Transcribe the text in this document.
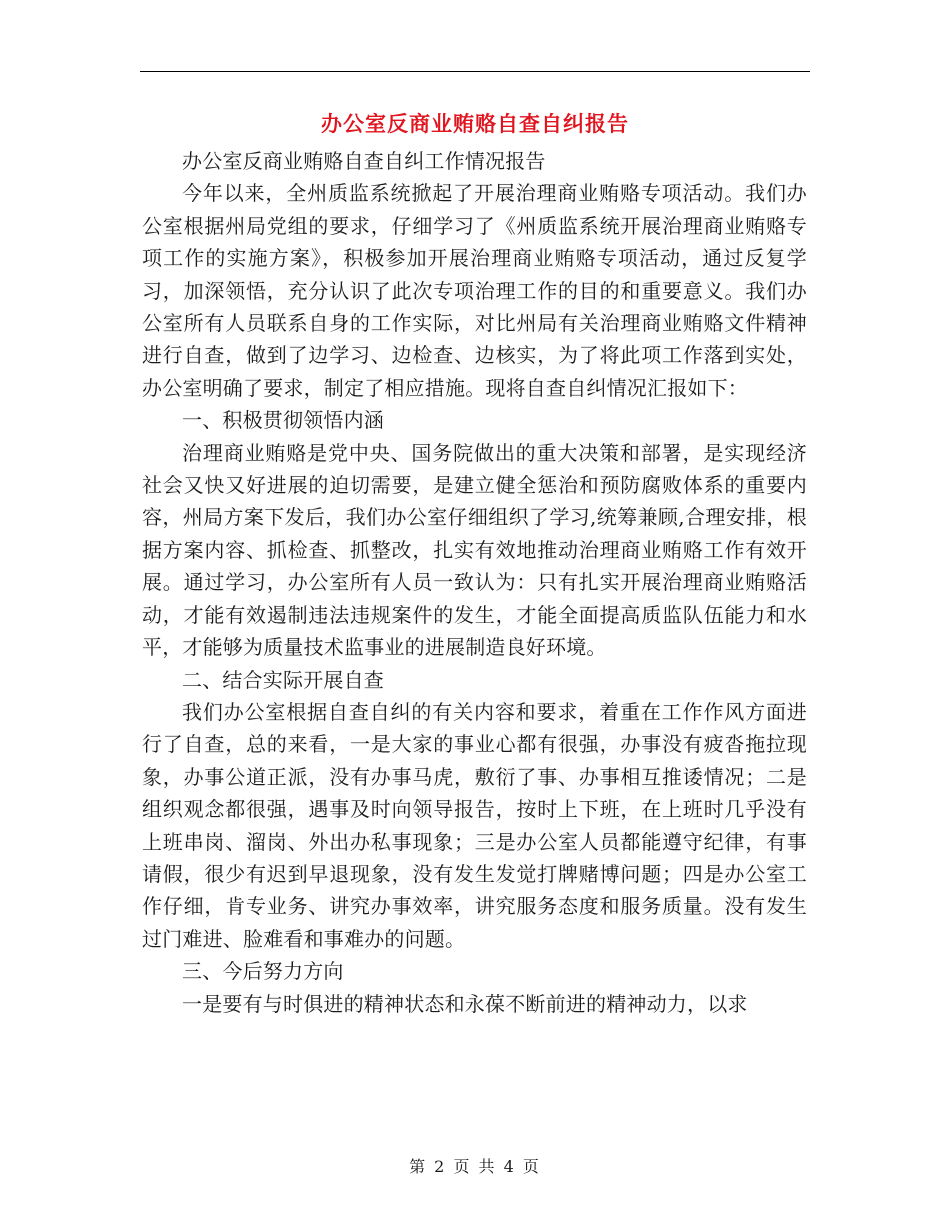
办公室反商业贿赂自查自纠报告

办公室反商业贿赂自查自纠工作情况报告

今年以来，全州质监系统掀起了开展治理商业贿赂专项活动。我们办公室根据州局党组的要求，仔细学习了《州质监系统开展治理商业贿赂专项工作的实施方案》，积极参加开展治理商业贿赂专项活动，通过反复学习，加深领悟，充分认识了此次专项治理工作的目的和重要意义。我们办公室所有人员联系自身的工作实际，对比州局有关治理商业贿赂文件精神进行自查，做到了边学习、边检查、边核实，为了将此项工作落到实处，办公室明确了要求，制定了相应措施。现将自查自纠情况汇报如下：

一、积极贯彻领悟内涵

治理商业贿赂是党中央、国务院做出的重大决策和部署，是实现经济社会又快又好进展的迫切需要，是建立健全惩治和预防腐败体系的重要内容，州局方案下发后，我们办公室仔细组织了学习,统筹兼顾,合理安排，根据方案内容、抓检查、抓整改，扎实有效地推动治理商业贿赂工作有效开展。通过学习，办公室所有人员一致认为：只有扎实开展治理商业贿赂活动，才能有效遏制违法违规案件的发生，才能全面提高质监队伍能力和水平，才能够为质量技术监事业的进展制造良好环境。

二、结合实际开展自查

我们办公室根据自查自纠的有关内容和要求，着重在工作作风方面进行了自查，总的来看，一是大家的事业心都有很强，办事没有疲沓拖拉现象，办事公道正派，没有办事马虎，敷衍了事、办事相互推诿情况；二是组织观念都很强，遇事及时向领导报告，按时上下班，在上班时几乎没有上班串岗、溜岗、外出办私事现象；三是办公室人员都能遵守纪律，有事请假，很少有迟到早退现象，没有发生发觉打牌赌博问题；四是办公室工作仔细，肯专业务、讲究办事效率，讲究服务态度和服务质量。没有发生过门难进、脸难看和事难办的问题。

三、今后努力方向

一是要有与时俱进的精神状态和永葆不断前进的精神动力，以求

第 2 页 共 4 页
